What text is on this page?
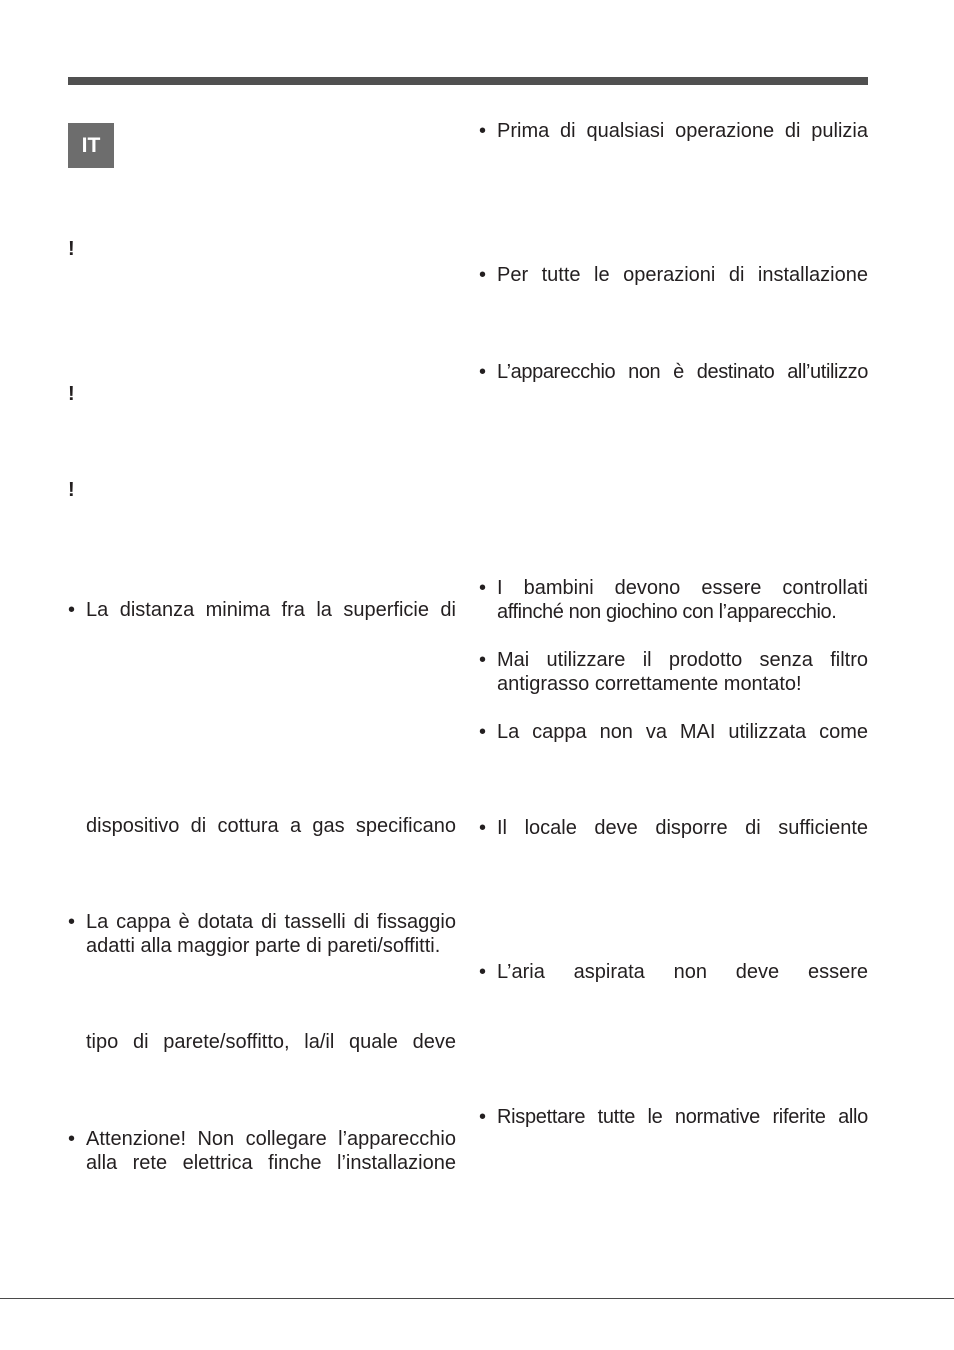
IT
!
!
!
• La distanza minima fra la superficie di
dispositivo di cottura a gas specificano
• La cappa è dotata di tasselli di fissaggio
adatti alla maggior parte di pareti/soffitti.
tipo di parete/soffitto, la/il quale deve
• Attenzione! Non collegare l’apparecchio
alla rete elettrica finche l’installazione
• Prima di qualsiasi operazione di pulizia
• Per tutte le operazioni di installazione
• L’apparecchio non è destinato all’utilizzo
• I bambini devono essere controllati
affinché non giochino con l’apparecchio.
• Mai utilizzare il prodotto senza filtro
antigrasso correttamente montato!
• La cappa non va MAI utilizzata come
• Il locale deve disporre di sufficiente
• L’aria aspirata non deve essere
• Rispettare tutte le normative riferite allo
